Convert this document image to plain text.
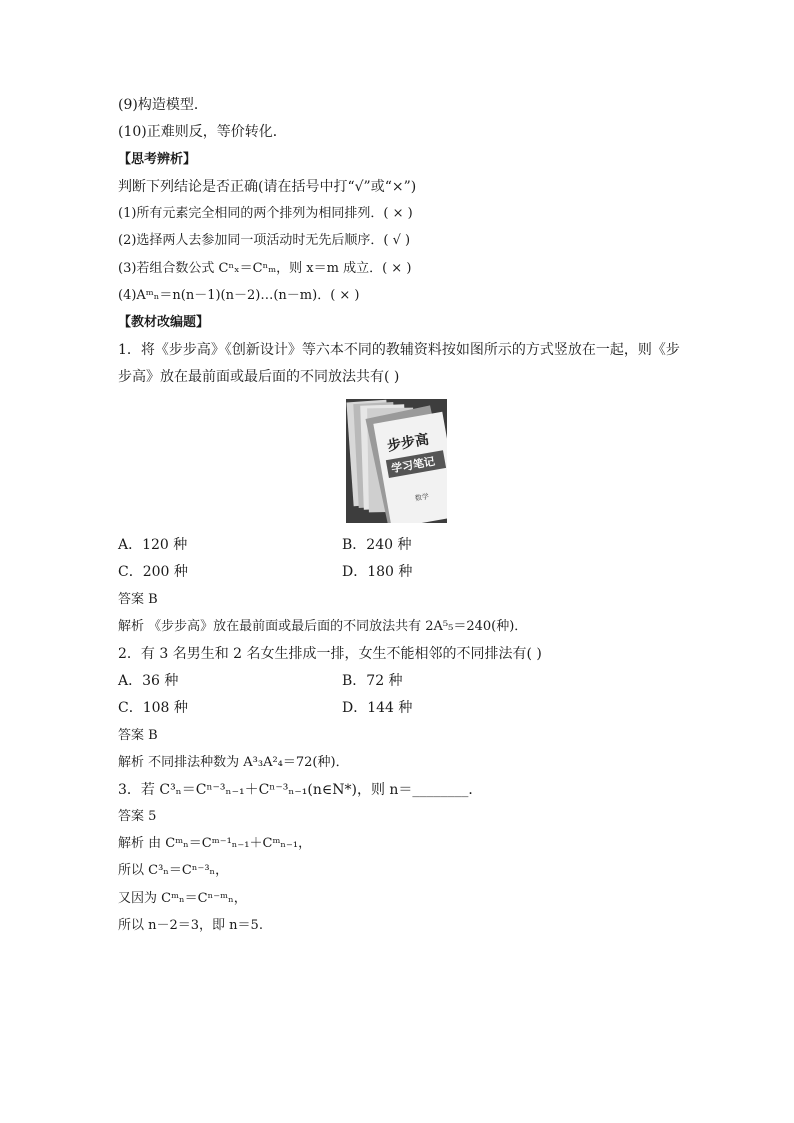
(9)构造模型．
(10)正难则反，等价转化．
【思考辨析】
判断下列结论是否正确(请在括号中打“√”或“×”)
(1)所有元素完全相同的两个排列为相同排列．( × )
(2)选择两人去参加同一项活动时无先后顺序．( √ )
(3)若组合数公式 Cⁿₓ＝Cⁿₘ，则 x＝m 成立．( × )
(4)Aᵐₙ＝n(n－1)(n－2)…(n－m)．( × )
【教材改编题】
1．将《步步高》《创新设计》等六本不同的教辅资料按如图所示的方式竖放在一起，则《步
步高》放在最前面或最后面的不同放法共有( )
步步高
学习笔记
数学
A．120 种	B．240 种
C．200 种	D．180 种
答案 B
解析 《步步高》放在最前面或最后面的不同放法共有 2A⁵₅＝240(种)．
2．有 3 名男生和 2 名女生排成一排，女生不能相邻的不同排法有( )
A．36 种	B．72 种
C．108 种	D．144 种
答案 B
解析 不同排法种数为 A³₃A²₄＝72(种)．
3．若 C³ₙ＝Cⁿ⁻³ₙ₋₁＋Cⁿ⁻³ₙ₋₁(n∈N*)，则 n＝________．
答案 5
解析 由 Cᵐₙ＝Cᵐ⁻¹ₙ₋₁＋Cᵐₙ₋₁，
所以 C³ₙ＝Cⁿ⁻³ₙ，
又因为 Cᵐₙ＝Cⁿ⁻ᵐₙ，
所以 n－2＝3，即 n＝5.
